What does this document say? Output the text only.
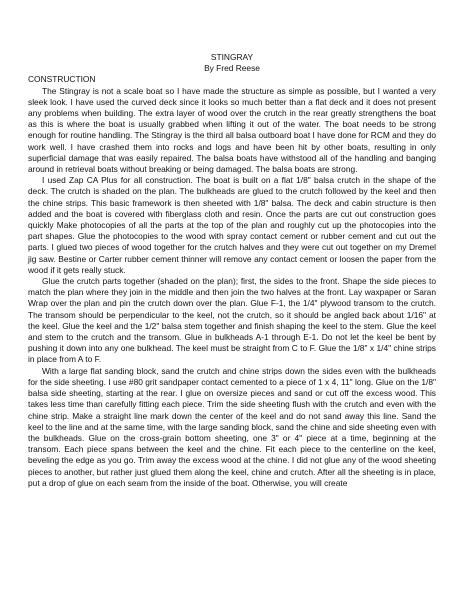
STINGRAY

By Fred Reese

CONSTRUCTION

The Stingray is not a scale boat so I have made the structure as simple as possible, but I wanted a very sleek look. I have used the curved deck since it looks so much better than a flat deck and it does not present any problems when building. The extra layer of wood over the crutch in the rear greatly strengthens the boat as this is where the boat is usually grabbed when lifting it out of the water. The boat needs to be strong enough for routine handling. The Stingray is the third all balsa outboard boat I have done for RCM and they do work well. I have crashed them into rocks and logs and have been hit by other boats, resulting in only superficial damage that was easily repaired. The balsa boats have withstood all of the handling and banging around in retrieval boats without breaking or being damaged. The balsa boats are strong.

I used Zap CA Plus for all construction. The boat is built on a flat 1/8" balsa crutch in the shape of the deck. The crutch is shaded on the plan. The bulkheads are glued to the crutch followed by the keel and then the chine strips. This basic framework is then sheeted with 1/8" balsa. The deck and cabin structure is then added and the boat is covered with fiberglass cloth and resin. Once the parts are cut out construction goes quickly Make photocopies of all the parts at the top of the plan and roughly cut up the photocopies into the part shapes. Glue the photocopies to the wood with spray contact cement or rubber cement and cut out the parts. I glued two pieces of wood together for the crutch halves and they were cut out together on my Dremel jig saw. Bestine or Carter rubber cement thinner will remove any contact cement or loosen the paper from the wood if it gets really stuck.

Glue the crutch parts together (shaded on the plan); first, the sides to the front. Shape the side pieces to match the plan where they join in the middle and then join the two halves at the front. Lay waxpaper or Saran Wrap over the plan and pin the crutch down over the plan. Glue F-1, the 1/4" plywood transom to the crutch. The transom should be perpendicular to the keel, not the crutch, so it should be angled back about 1/16" at the keel. Glue the keel and the 1/2" balsa stem together and finish shaping the keel to the stem. Glue the keel and stem to the crutch and the transom. Glue in bulkheads A-1 through E-1. Do not let the keel be bent by pushing it down into any one bulkhead. The keel must be straight from C to F. Glue the 1/8" x 1/4" chine strips in place from A to F.

With a large flat sanding block, sand the crutch and chine strips down the sides even with the bulkheads for the side sheeting. I use #80 grit sandpaper contact cemented to a piece of 1 x 4, 11" long. Glue on the 1/8" balsa side sheeting, starting at the rear. I glue on oversize pieces and sand or cut off the excess wood. This takes less time than carefully fitting each piece. Trim the side sheeting flush with the crutch and even with the chine strip. Make a straight line mark down the center of the keel and do not sand away this line. Sand the keel to the line and at the same time, with the large sanding block, sand the chine and side sheeting even with the bulkheads. Glue on the cross-grain bottom sheeting, one 3" or 4" piece at a time, beginning at the transom. Each piece spans between the keel and the chine. Fit each piece to the centerline on the keel, beveling the edge as you go. Trim away the excess wood at the chine. I did not glue any of the wood sheeting pieces to another, but rather just glued them along the keel, chine and crutch. After all the sheeting is in place, put a drop of glue on each seam from the inside of the boat. Otherwise, you will create
